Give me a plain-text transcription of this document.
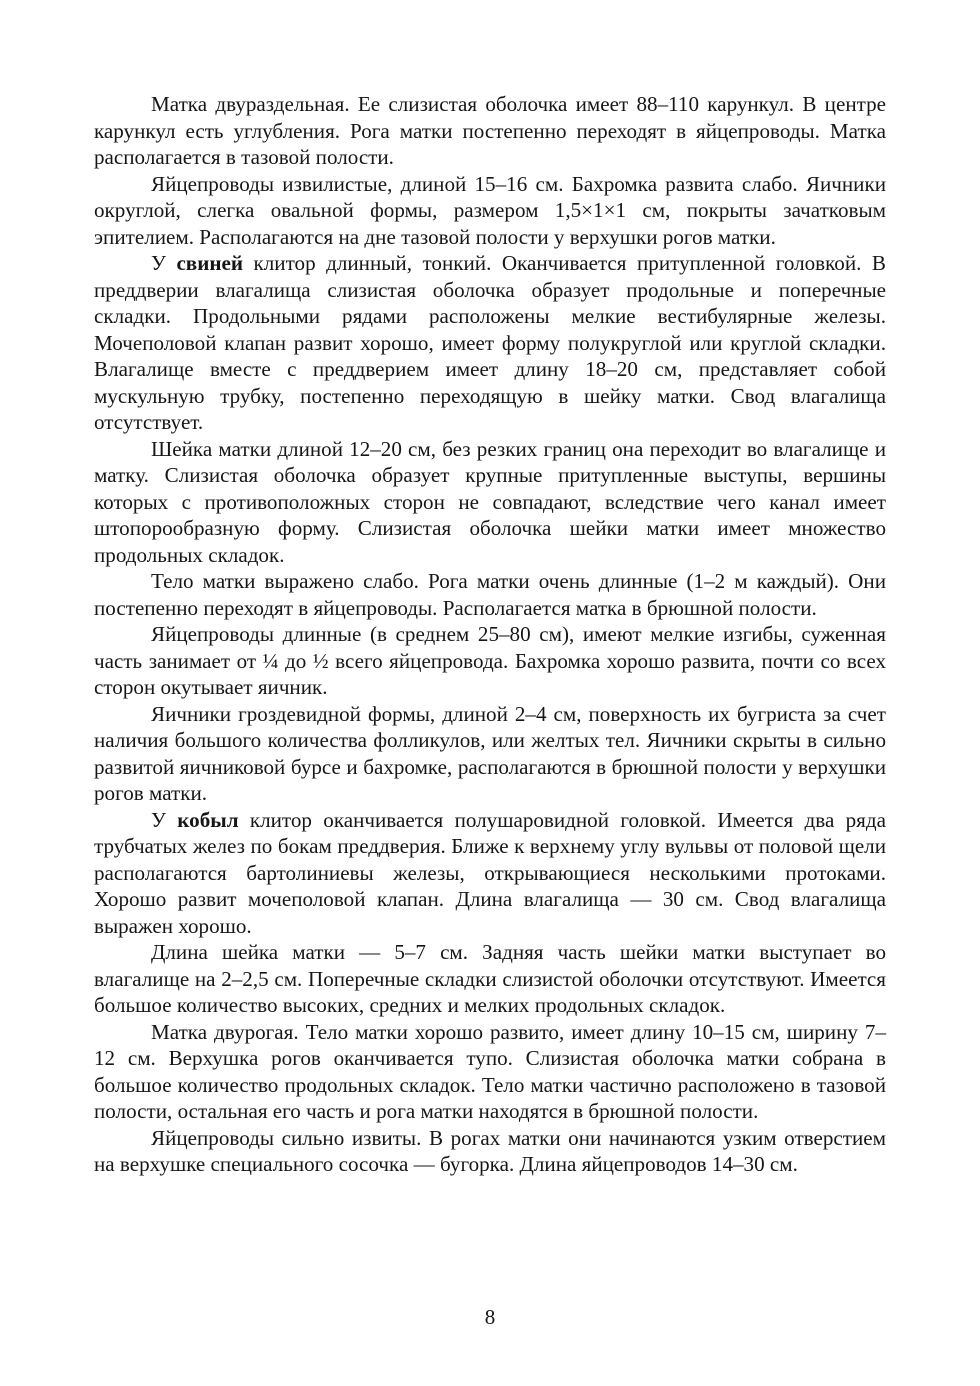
Матка двураздельная. Ее слизистая оболочка имеет 88–110 карункул. В центре карункул есть углубления. Рога матки постепенно переходят в яйцепроводы. Матка располагается в тазовой полости.

Яйцепроводы извилистые, длиной 15–16 см. Бахромка развита слабо. Яичники округлой, слегка овальной формы, размером 1,5×1×1 см, покрыты зачатковым эпителием. Располагаются на дне тазовой полости у верхушки рогов матки.

У свиней клитор длинный, тонкий. Оканчивается притупленной головкой. В преддверии влагалища слизистая оболочка образует продольные и поперечные складки. Продольными рядами расположены мелкие вестибулярные железы. Мочеполовой клапан развит хорошо, имеет форму полукруглой или круглой складки. Влагалище вместе с преддверием имеет длину 18–20 см, представляет собой мускульную трубку, постепенно переходящую в шейку матки. Свод влагалища отсутствует.

Шейка матки длиной 12–20 см, без резких границ она переходит во влагалище и матку. Слизистая оболочка образует крупные притупленные выступы, вершины которых с противоположных сторон не совпадают, вследствие чего канал имеет штопорообразную форму. Слизистая оболочка шейки матки имеет множество продольных складок.

Тело матки выражено слабо. Рога матки очень длинные (1–2 м каждый). Они постепенно переходят в яйцепроводы. Располагается матка в брюшной полости.

Яйцепроводы длинные (в среднем 25–80 см), имеют мелкие изгибы, суженная часть занимает от ¼ до ½ всего яйцепровода. Бахромка хорошо развита, почти со всех сторон окутывает яичник.

Яичники гроздевидной формы, длиной 2–4 см, поверхность их бугриста за счет наличия большого количества фолликулов, или желтых тел. Яичники скрыты в сильно развитой яичниковой бурсе и бахромке, располагаются в брюшной полости у верхушки рогов матки.

У кобыл клитор оканчивается полушаровидной головкой. Имеется два ряда трубчатых желез по бокам преддверия. Ближе к верхнему углу вульвы от половой щели располагаются бартолиниевы железы, открывающиеся несколькими протоками. Хорошо развит мочеполовой клапан. Длина влагалища — 30 см. Свод влагалища выражен хорошо.

Длина шейка матки — 5–7 см. Задняя часть шейки матки выступает во влагалище на 2–2,5 см. Поперечные складки слизистой оболочки отсутствуют. Имеется большое количество высоких, средних и мелких продольных складок.

Матка двурогая. Тело матки хорошо развито, имеет длину 10–15 см, ширину 7–12 см. Верхушка рогов оканчивается тупо. Слизистая оболочка матки собрана в большое количество продольных складок. Тело матки частично расположено в тазовой полости, остальная его часть и рога матки находятся в брюшной полости.

Яйцепроводы сильно извиты. В рогах матки они начинаются узким отверстием на верхушке специального сосочка — бугорка. Длина яйцепроводов 14–30 см.

8
